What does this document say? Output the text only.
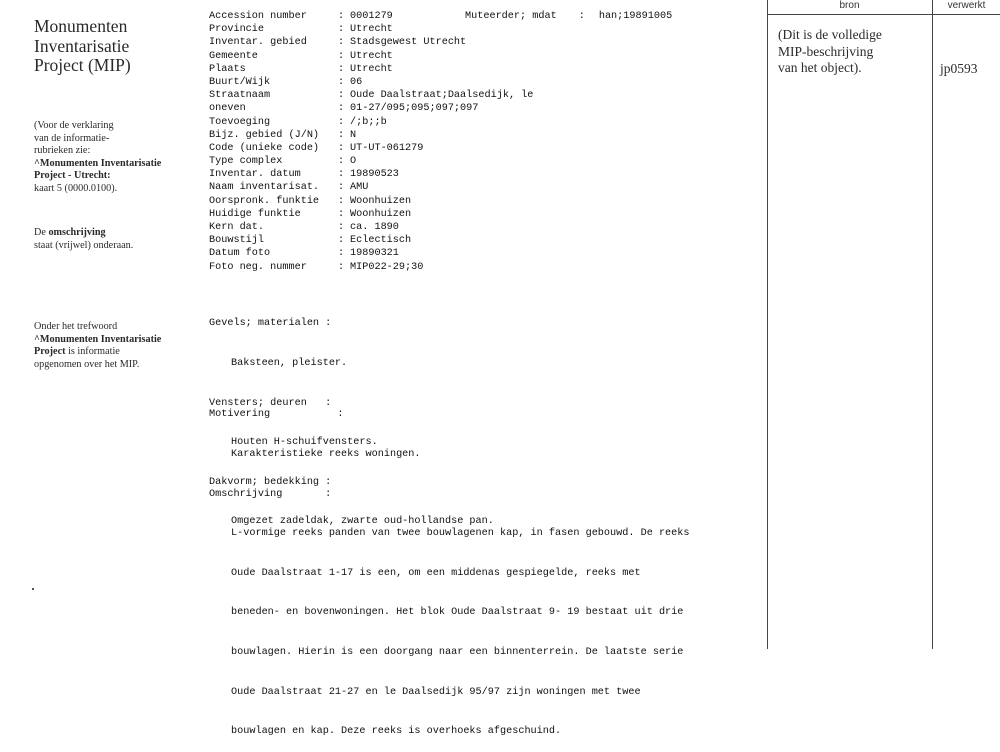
Monumenten
Inventarisatie
Project (MIP)
(Voor de verklaring
van de informatie-
rubrieken zie:
^Monumenten Inventarisatie
Project - Utrecht:
kaart 5 (0000.0100).
De omschrijving
staat (vrijwel) onderaan.
Onder het trefwoord
^Monumenten Inventarisatie
Project is informatie
opgenomen over het MIP.
Accession number	: 0001279
Provincie	: Utrecht
Inventar. gebied	: Stadsgewest Utrecht
Gemeente	: Utrecht
Plaats	: Utrecht
Buurt/Wijk	: 06
Straatnaam	: Oude Daalstraat;Daalsedijk, le
oneven	: 01-27/095;095;097;097
Toevoeging	: /;b;;b
Bijz. gebied (J/N) : N
Code (unieke code) : UT-UT-061279
Type complex	: O
Inventar. datum	: 19890523
Naam inventarisat. : AMU
Oorspronk. funktie : Woonhuizen
Huidige funktie	: Woonhuizen
Kern dat.	: ca. 1890
Bouwstijl	: Eclectisch
Datum foto	: 19890321
Foto neg. nummer	: MIP022-29;30
Muteerder; mdat : han;19891005

Gevels; materialen :

Baksteen, pleister.

Vensters; deuren   :

Houten H-schuifvensters.

Dakvorm; bedekking :

Omgezet zadeldak, zwarte oud-hollandse pan.

Motivering           :

Karakteristieke reeks woningen.

Omschrijving       :

L-vormige reeks panden van twee bouwlagenen kap, in fasen gebouwd. De reeks

Oude Daalstraat 1-17 is een, om een middenas gespiegelde, reeks met

beneden- en bovenwoningen. Het blok Oude Daalstraat 9- 19 bestaat uit drie

bouwlagen. Hierin is een doorgang naar een binnenterrein. De laatste serie

Oude Daalstraat 21-27 en le Daalsedijk 95/97 zijn woningen met twee

bouwlagen en kap. Deze reeks is overhoeks afgeschuind.

bron	verwerkt
(Dit is de volledige
MIP-beschrijving
van het object).	jp0593
